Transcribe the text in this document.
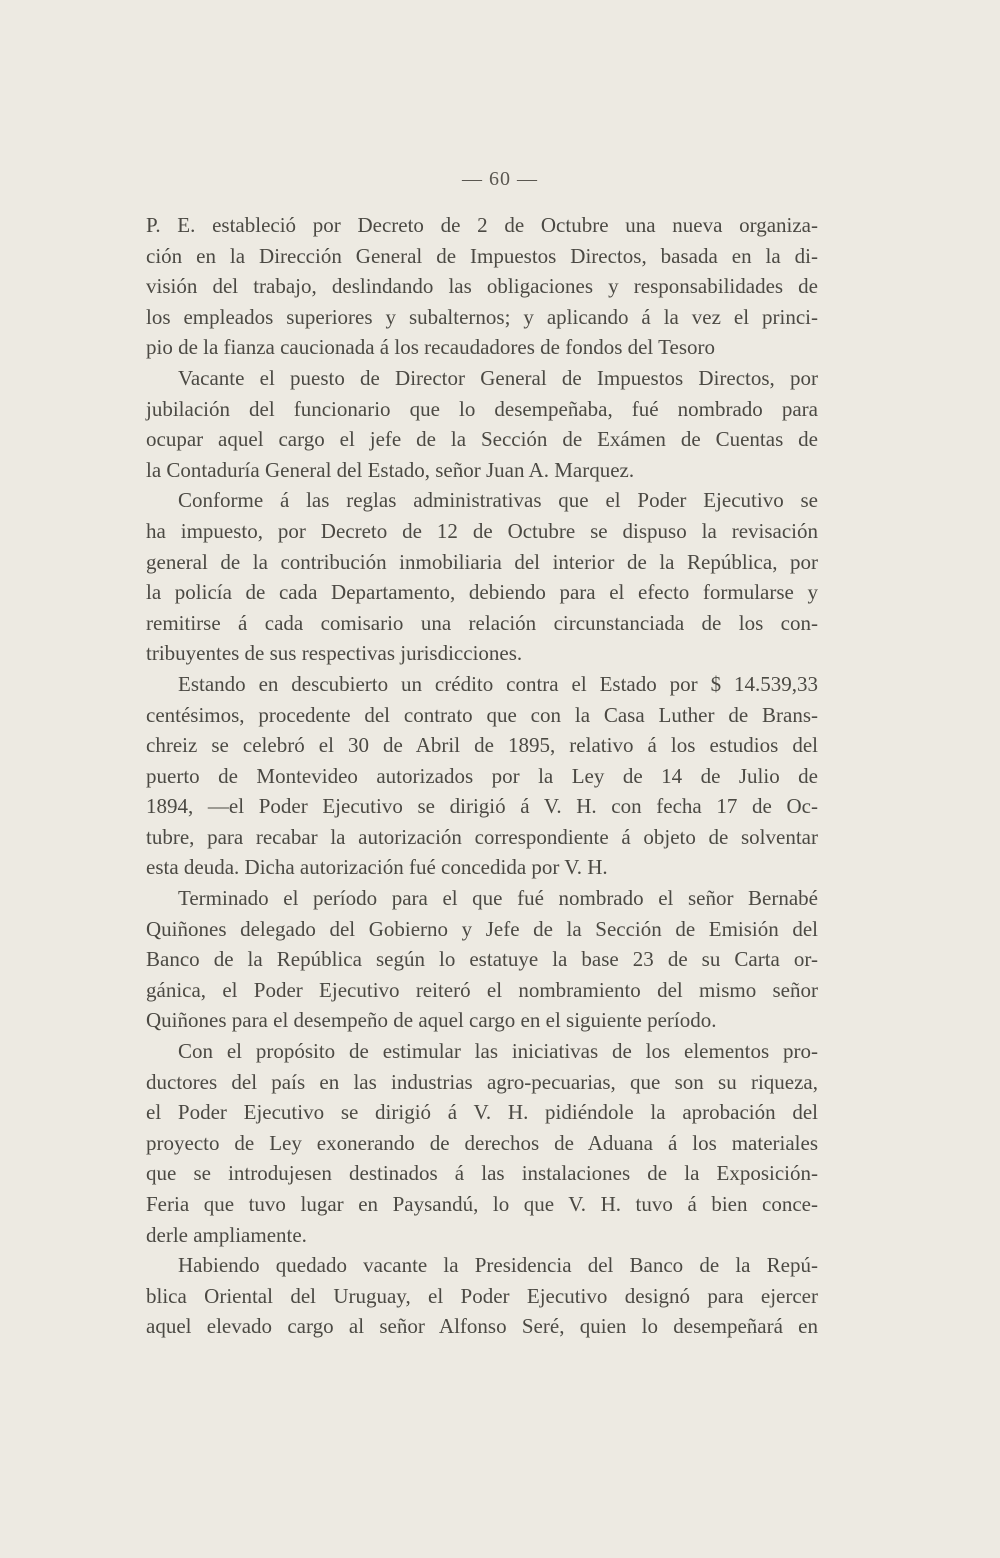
— 60 —
P. E. estableció por Decreto de 2 de Octubre una nueva organiza-
ción en la Dirección General de Impuestos Directos, basada en la di-
visión del trabajo, deslindando las obligaciones y responsabilidades de
los empleados superiores y subalternos; y aplicando á la vez el princi-
pio de la fianza caucionada á los recaudadores de fondos del Tesoro
Vacante el puesto de Director General de Impuestos Directos, por
jubilación del funcionario que lo desempeñaba, fué nombrado para
ocupar aquel cargo el jefe de la Sección de Exámen de Cuentas de
la Contaduría General del Estado, señor Juan A. Marquez.
Conforme á las reglas administrativas que el Poder Ejecutivo se
ha impuesto, por Decreto de 12 de Octubre se dispuso la revisación
general de la contribución inmobiliaria del interior de la República, por
la policía de cada Departamento, debiendo para el efecto formularse y
remitirse á cada comisario una relación circunstanciada de los con-
tribuyentes de sus respectivas jurisdicciones.
Estando en descubierto un crédito contra el Estado por $ 14.539,33
centésimos, procedente del contrato que con la Casa Luther de Brans-
chreiz se celebró el 30 de Abril de 1895, relativo á los estudios del
puerto de Montevideo autorizados por la Ley de 14 de Julio de
1894, —el Poder Ejecutivo se dirigió á V. H. con fecha 17 de Oc-
tubre, para recabar la autorización correspondiente á objeto de solventar
esta deuda. Dicha autorización fué concedida por V. H.
Terminado el período para el que fué nombrado el señor Bernabé
Quiñones delegado del Gobierno y Jefe de la Sección de Emisión del
Banco de la República según lo estatuye la base 23 de su Carta or-
gánica, el Poder Ejecutivo reiteró el nombramiento del mismo señor
Quiñones para el desempeño de aquel cargo en el siguiente período.
Con el propósito de estimular las iniciativas de los elementos pro-
ductores del país en las industrias agro-pecuarias, que son su riqueza,
el Poder Ejecutivo se dirigió á V. H. pidiéndole la aprobación del
proyecto de Ley exonerando de derechos de Aduana á los materiales
que se introdujesen destinados á las instalaciones de la Exposición-
Feria que tuvo lugar en Paysandú, lo que V. H. tuvo á bien conce-
derle ampliamente.
Habiendo quedado vacante la Presidencia del Banco de la Repú-
blica Oriental del Uruguay, el Poder Ejecutivo designó para ejercer
aquel elevado cargo al señor Alfonso Seré, quien lo desempeñará en
